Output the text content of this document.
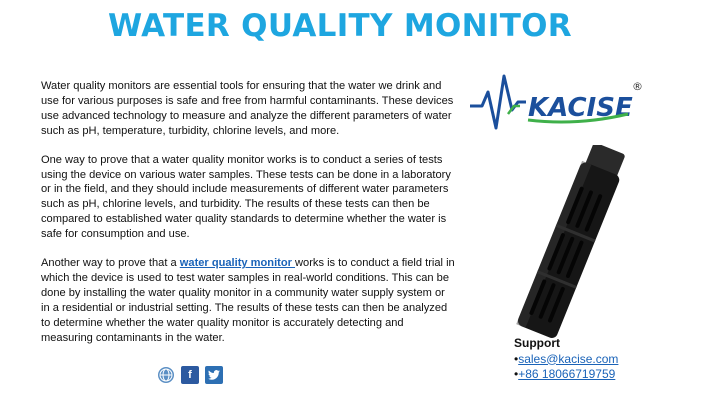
WATER QUALITY MONITOR

Water quality monitors are essential tools for ensuring that the water we drink and use for various purposes is safe and free from harmful contaminants. These devices use advanced technology to measure and analyze the different parameters of water such as pH, temperature, turbidity, chlorine levels, and more.

One way to prove that a water quality monitor works is to conduct a series of tests using the device on various water samples. These tests can be done in a laboratory or in the field, and they should include measurements of different water parameters such as pH, chlorine levels, and turbidity. The results of these tests can then be compared to established water quality standards to determine whether the water is safe for consumption and use.

Another way to prove that a water quality monitor works is to conduct a field trial in which the device is used to test water samples in real-world conditions. This can be done by installing the water quality monitor in a community water supply system or in a residential or industrial setting. The results of these tests can then be analyzed to determine whether the water quality monitor is accurately detecting and measuring contaminants in the water.

KACISE
®
f
Support
•sales@kacise.com
•+86 18066719759
